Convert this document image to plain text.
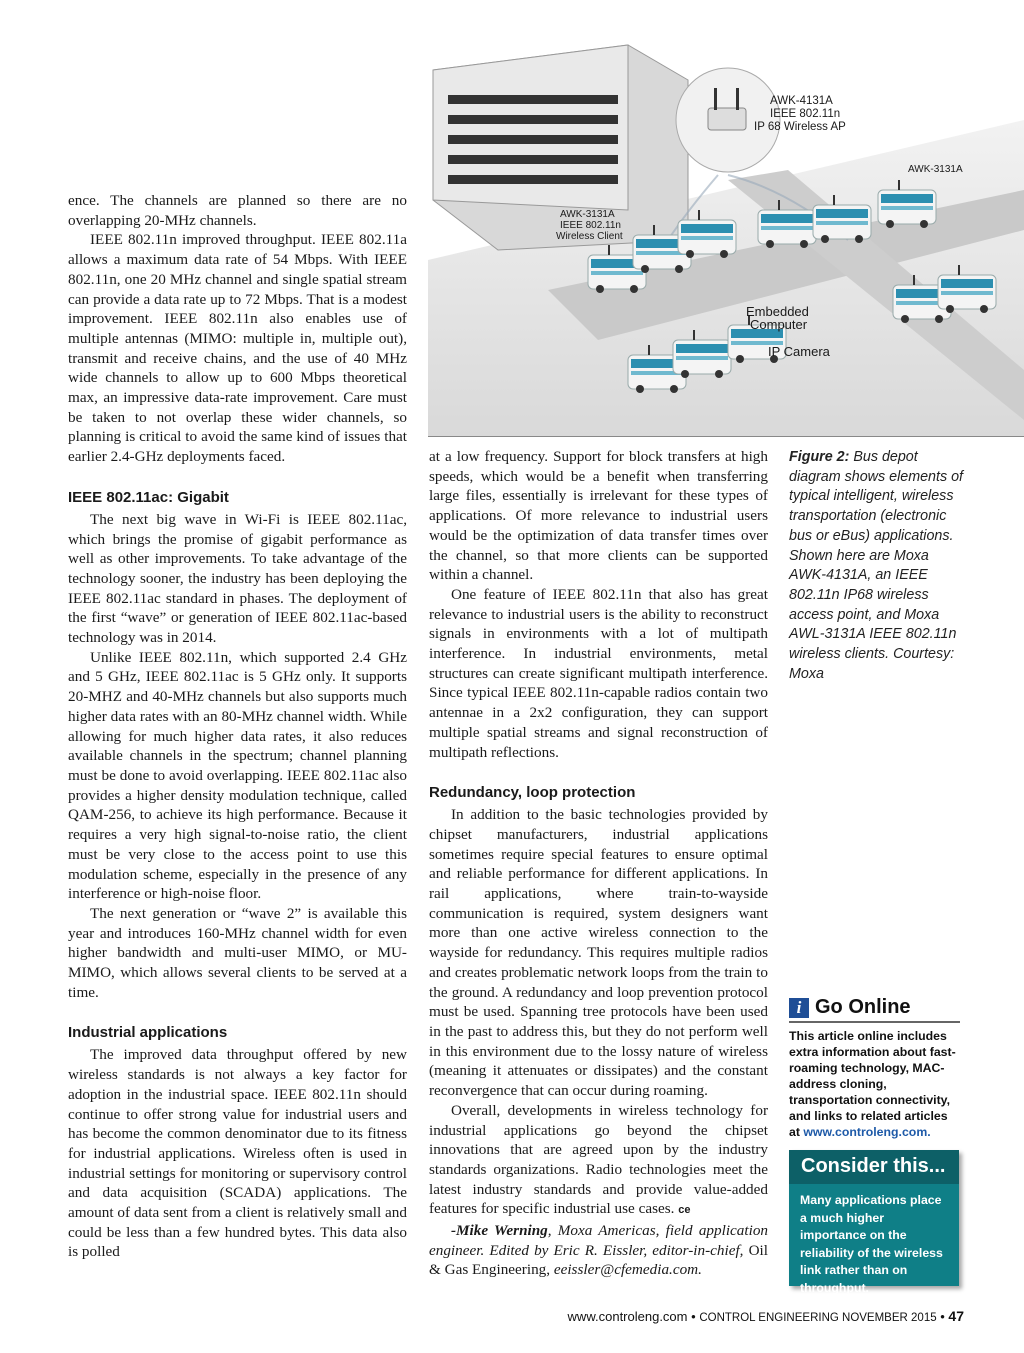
AWK-4131A IEEE 802.11n IP 68 Wireless AP
AWK-3131A
AWK-3131A IEEE 802.11n Wireless Client
Embedded Computer
IP Camera

ence. The channels are planned so there are no overlapping 20-MHz channels.

IEEE 802.11n improved throughput. IEEE 802.11a allows a maximum data rate of 54 Mbps. With IEEE 802.11n, one 20 MHz channel and single spatial stream can provide a data rate up to 72 Mbps. That is a modest improvement. IEEE 802.11n also enables use of multiple antennas (MIMO: multiple in, multiple out), transmit and receive chains, and the use of 40 MHz wide channels to allow up to 600 Mbps theoretical max, an impressive data-rate improvement. Care must be taken to not overlap these wider channels, so planning is critical to avoid the same kind of issues that earlier 2.4-GHz deployments faced.

IEEE 802.11ac: Gigabit

The next big wave in Wi-Fi is IEEE 802.11ac, which brings the promise of gigabit performance as well as other improvements. To take advantage of the technology sooner, the industry has been deploying the IEEE 802.11ac standard in phases. The deployment of the first “wave” or generation of IEEE 802.11ac-based technology was in 2014.

Unlike IEEE 802.11n, which supported 2.4 GHz and 5 GHz, IEEE 802.11ac is 5 GHz only. It supports 20-MHZ and 40-MHz channels but also supports much higher data rates with an 80-MHz channel width. While allowing for much higher data rates, it also reduces available channels in the spectrum; channel planning must be done to avoid overlapping. IEEE 802.11ac also provides a higher density modulation technique, called QAM-256, to achieve its high performance. Because it requires a very high signal-to-noise ratio, the client must be very close to the access point to use this modulation scheme, especially in the presence of any interference or high-noise floor.

The next generation or “wave 2” is available this year and introduces 160-MHz channel width for even higher bandwidth and multi-user MIMO, or MU-MIMO, which allows several clients to be served at a time.

Industrial applications

The improved data throughput offered by new wireless standards is not always a key factor for adoption in the industrial space. IEEE 802.11n should continue to offer strong value for industrial users and has become the common denominator due to its fitness for industrial applications. Wireless often is used in industrial settings for monitoring or supervisory control and data acquisition (SCADA) applications. The amount of data sent from a client is relatively small and could be less than a few hundred bytes. This data also is polled

at a low frequency. Support for block transfers at high speeds, which would be a benefit when transferring large files, essentially is irrelevant for these types of applications. Of more relevance to industrial users would be the optimization of data transfer times over the channel, so that more clients can be supported within a channel.

One feature of IEEE 802.11n that also has great relevance to industrial users is the ability to reconstruct signals in environments with a lot of multipath interference. In industrial environments, metal structures can create significant multipath interference. Since typical IEEE 802.11n-capable radios contain two antennae in a 2x2 configuration, they can support multiple spatial streams and signal reconstruction of multipath reflections.

Redundancy, loop protection

In addition to the basic technologies provided by chipset manufacturers, industrial applications sometimes require special features to ensure optimal and reliable performance for different applications. In rail applications, where train-to-wayside communication is required, system designers want more than one active wireless connection to the wayside for redundancy. This requires multiple radios and creates problematic network loops from the train to the ground. A redundancy and loop prevention protocol must be used. Spanning tree protocols have been used in the past to address this, but they do not perform well in this environment due to the lossy nature of wireless (meaning it attenuates or dissipates) and the constant reconvergence that can occur during roaming.

Overall, developments in wireless technology for industrial applications go beyond the chipset innovations that are agreed upon by the industry standards organizations. Radio technologies meet the latest industry standards and provide value-added features for specific industrial use cases. ce

-Mike Werning, Moxa Americas, field application engineer. Edited by Eric R. Eissler, editor-in-chief, Oil & Gas Engineering, eeissler@cfemedia.com.

Figure 2: Bus depot diagram shows elements of typical intelligent, wireless transportation (electronic bus or eBus) applications. Shown here are Moxa AWK-4131A, an IEEE 802.11n IP68 wireless access point, and Moxa AWL-3131A IEEE 802.11n wireless clients. Courtesy: Moxa
i Go Online
This article online includes extra information about fast-roaming technology, MAC-address cloning, transportation connectivity, and links to related articles at www.controleng.com.
Consider this...
Many applications place a much higher importance on the reliability of the wireless link rather than on throughput.
www.controleng.com • CONTROL ENGINEERING NOVEMBER 2015 • 47
